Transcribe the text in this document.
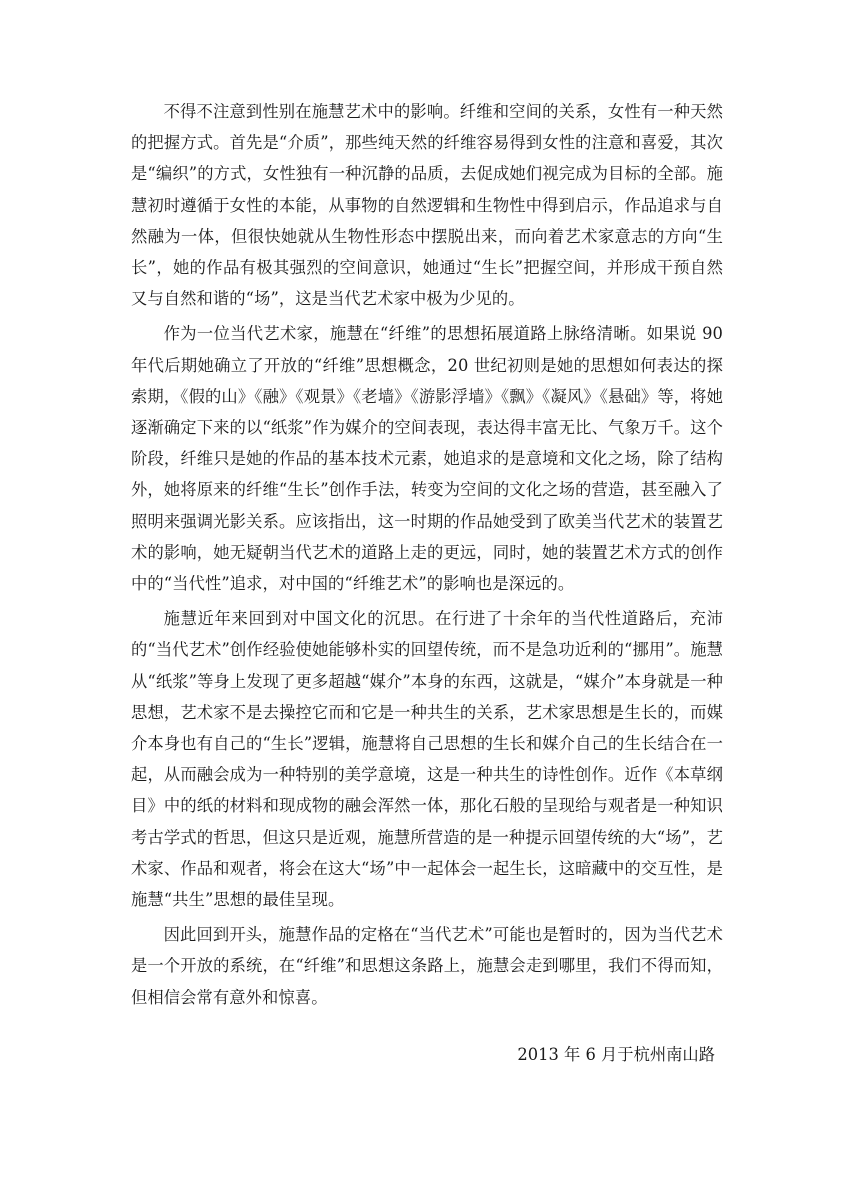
不得不注意到性别在施慧艺术中的影响。纤维和空间的关系，女性有一种天然的把握方式。首先是“介质”，那些纯天然的纤维容易得到女性的注意和喜爱，其次是“编织”的方式，女性独有一种沉静的品质，去促成她们视完成为目标的全部。施慧初时遵循于女性的本能，从事物的自然逻辑和生物性中得到启示，作品追求与自然融为一体，但很快她就从生物性形态中摆脱出来，而向着艺术家意志的方向“生长”，她的作品有极其强烈的空间意识，她通过“生长”把握空间，并形成干预自然又与自然和谐的“场”，这是当代艺术家中极为少见的。

作为一位当代艺术家，施慧在“纤维”的思想拓展道路上脉络清晰。如果说 90 年代后期她确立了开放的“纤维”思想概念，20 世纪初则是她的思想如何表达的探索期，《假的山》《融》《观景》《老墙》《游影浮墙》《飘》《凝风》《悬础》等，将她逐渐确定下来的以“纸浆”作为媒介的空间表现，表达得丰富无比、气象万千。这个阶段，纤维只是她的作品的基本技术元素，她追求的是意境和文化之场，除了结构外，她将原来的纤维“生长”创作手法，转变为空间的文化之场的营造，甚至融入了照明来强调光影关系。应该指出，这一时期的作品她受到了欧美当代艺术的装置艺术的影响，她无疑朝当代艺术的道路上走的更远，同时，她的装置艺术方式的创作中的“当代性”追求，对中国的“纤维艺术”的影响也是深远的。

施慧近年来回到对中国文化的沉思。在行进了十余年的当代性道路后，充沛的“当代艺术”创作经验使她能够朴实的回望传统，而不是急功近利的“挪用”。施慧从“纸浆”等身上发现了更多超越“媒介”本身的东西，这就是，“媒介”本身就是一种思想，艺术家不是去操控它而和它是一种共生的关系，艺术家思想是生长的，而媒介本身也有自己的“生长”逻辑，施慧将自己思想的生长和媒介自己的生长结合在一起，从而融会成为一种特别的美学意境，这是一种共生的诗性创作。近作《本草纲目》中的纸的材料和现成物的融会浑然一体，那化石般的呈现给与观者是一种知识考古学式的哲思，但这只是近观，施慧所营造的是一种提示回望传统的大“场”，艺术家、作品和观者，将会在这大“场”中一起体会一起生长，这暗藏中的交互性，是施慧“共生”思想的最佳呈现。

因此回到开头，施慧作品的定格在“当代艺术”可能也是暂时的，因为当代艺术是一个开放的系统，在“纤维”和思想这条路上，施慧会走到哪里，我们不得而知，但相信会常有意外和惊喜。

2013 年 6 月于杭州南山路
